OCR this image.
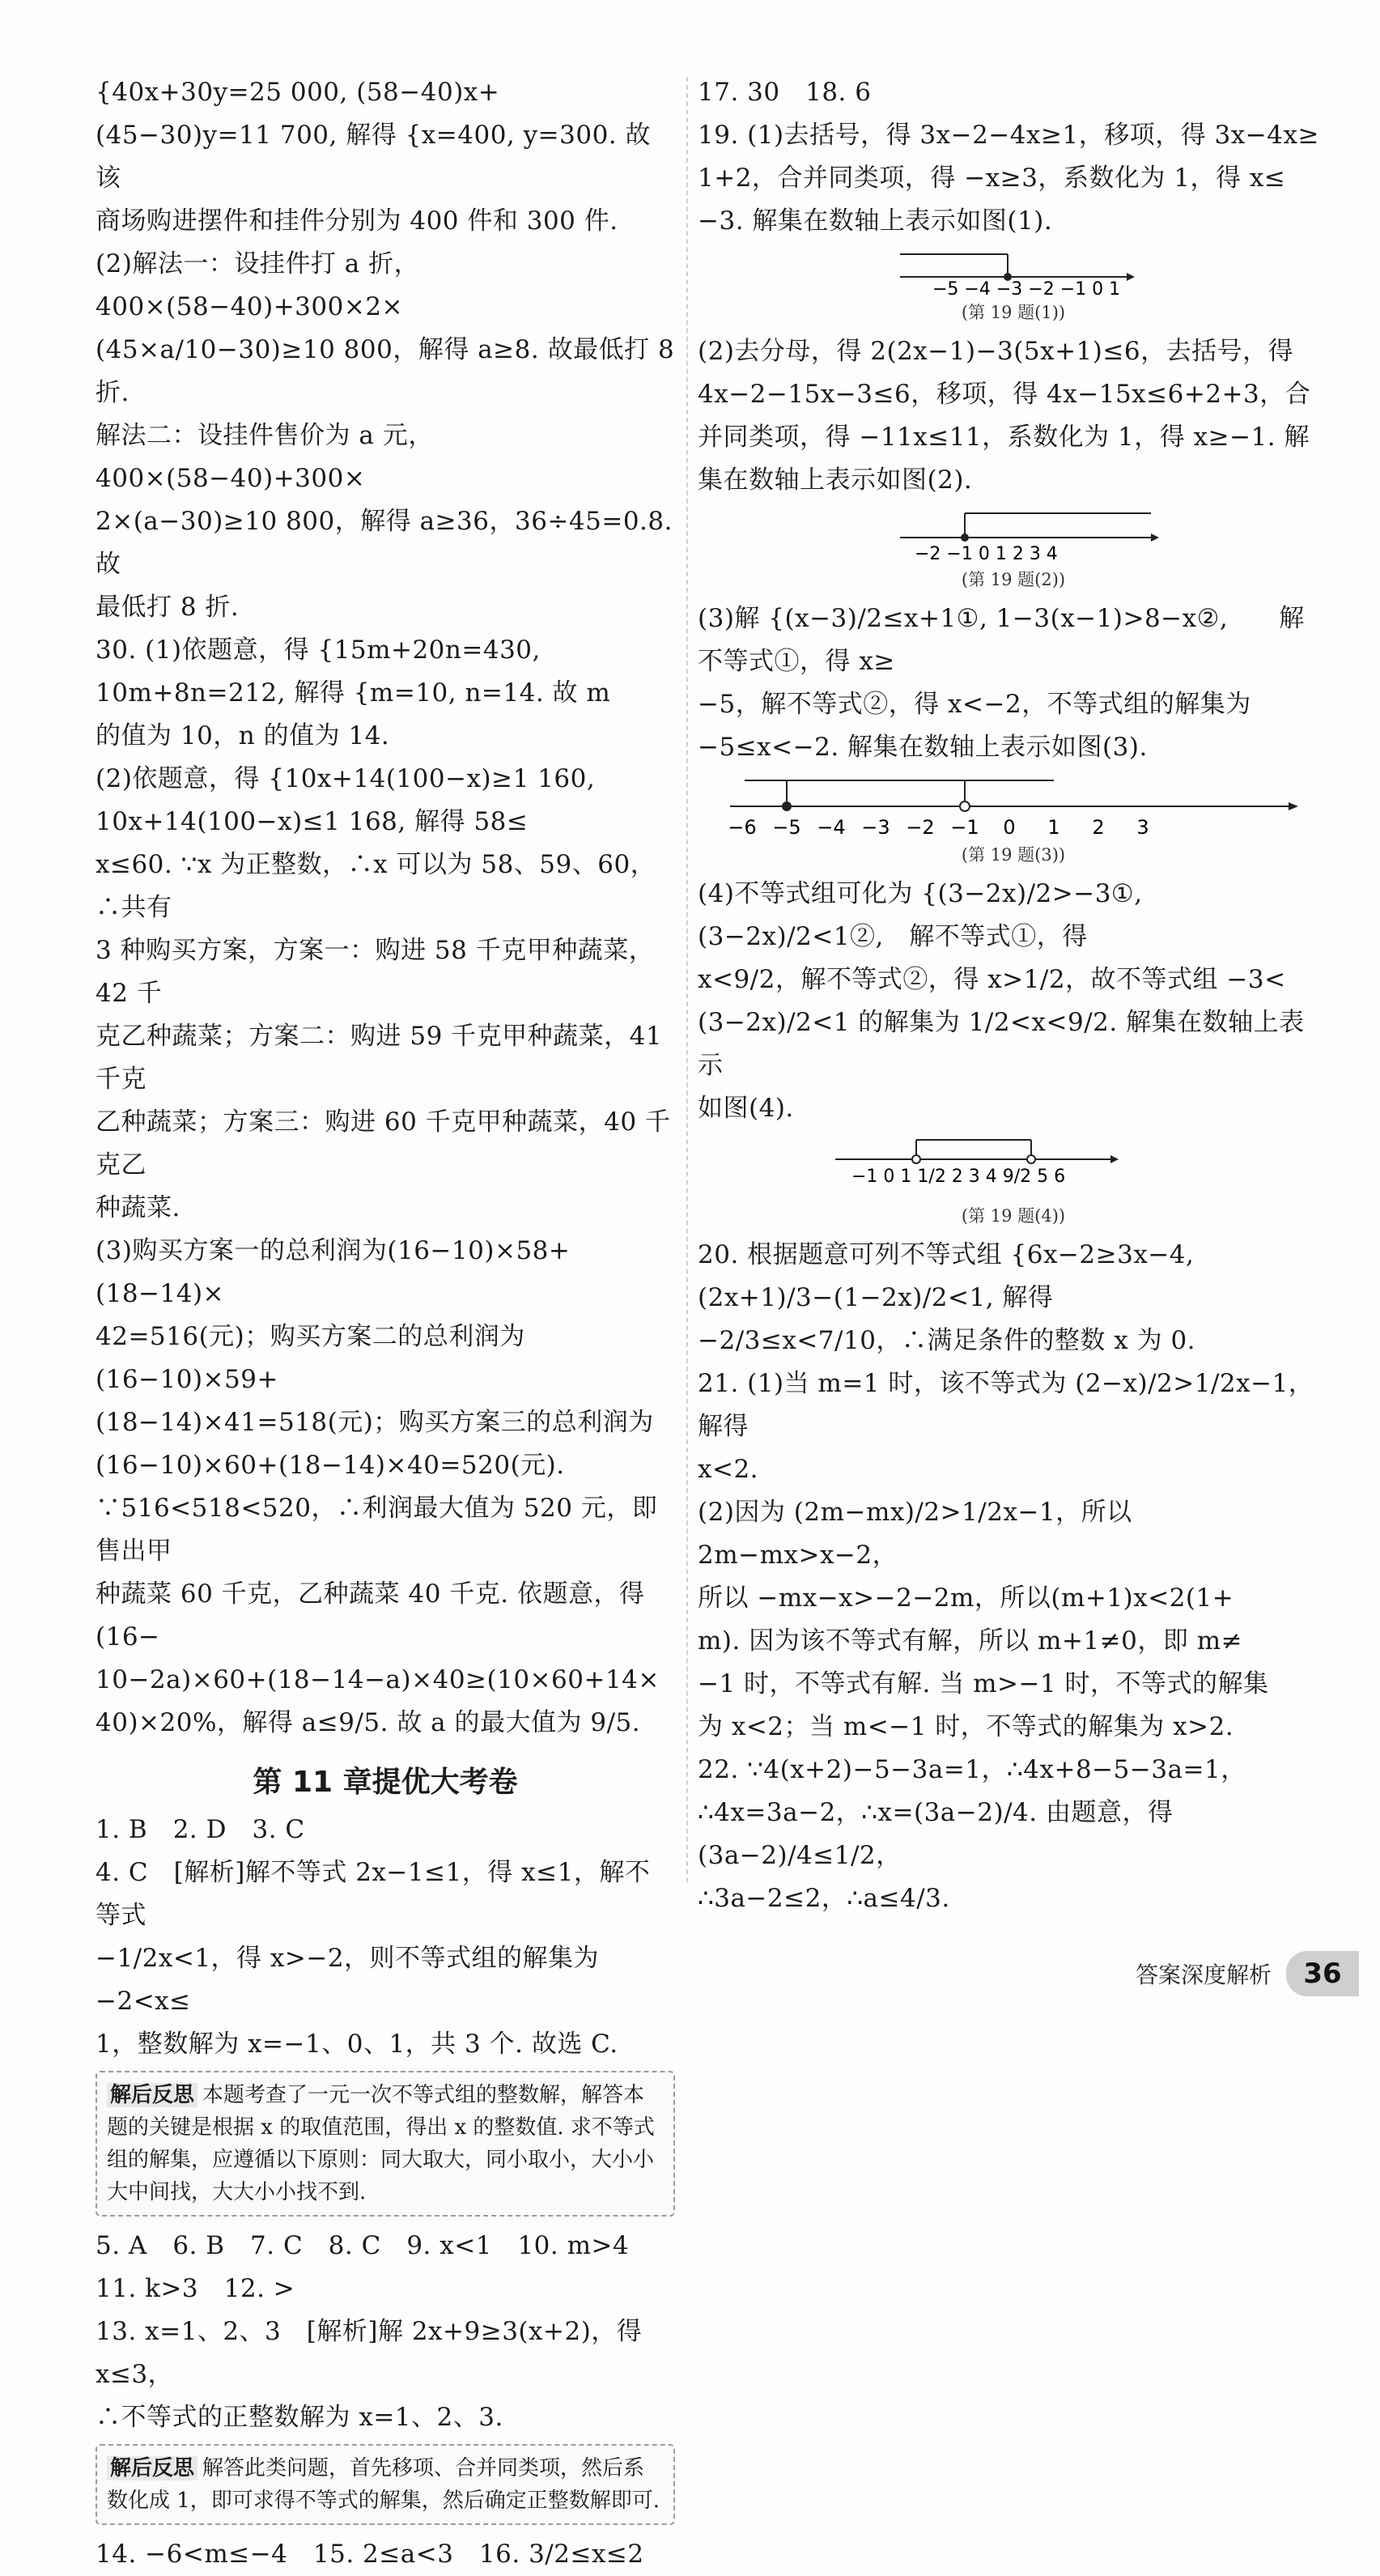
{40x+30y=25 000, (58−40)x+(45−30)y=11 700, 解得 {x=400, y=300. 故该

商场购进摆件和挂件分别为 400 件和 300 件.

(2)解法一：设挂件打 a 折，400×(58−40)+300×2×

(45×a/10−30)≥10 800，解得 a≥8. 故最低打 8 折.

解法二：设挂件售价为 a 元，400×(58−40)+300×

2×(a−30)≥10 800，解得 a≥36，36÷45=0.8. 故

最低打 8 折.

30. (1)依题意，得 {15m+20n=430, 10m+8n=212, 解得 {m=10, n=14. 故 m

的值为 10，n 的值为 14.

(2)依题意，得 {10x+14(100−x)≥1 160, 10x+14(100−x)≤1 168, 解得 58≤

x≤60. ∵x 为正整数，∴x 可以为 58、59、60，∴共有

3 种购买方案，方案一：购进 58 千克甲种蔬菜，42 千

克乙种蔬菜；方案二：购进 59 千克甲种蔬菜，41 千克

乙种蔬菜；方案三：购进 60 千克甲种蔬菜，40 千克乙

种蔬菜.

(3)购买方案一的总利润为(16−10)×58+(18−14)×

42=516(元)；购买方案二的总利润为(16−10)×59+

(18−14)×41=518(元)；购买方案三的总利润为

(16−10)×60+(18−14)×40=520(元).

∵516<518<520，∴利润最大值为 520 元，即售出甲

种蔬菜 60 千克，乙种蔬菜 40 千克. 依题意，得(16−

10−2a)×60+(18−14−a)×40≥(10×60+14×

40)×20%，解得 a≤9/5. 故 a 的最大值为 9/5.

第 11 章提优大考卷

1. B　2. D　3. C

4. C　[解析]解不等式 2x−1≤1，得 x≤1，解不等式

−1/2x<1，得 x>−2，则不等式组的解集为 −2<x≤

1，整数解为 x=−1、0、1，共 3 个. 故选 C.

解后反思 本题考查了一元一次不等式组的整数解，解答本题的关键是根据 x 的取值范围，得出 x 的整数值. 求不等式组的解集，应遵循以下原则：同大取大，同小取小，大小小大中间找，大大小小找不到.

5. A　6. B　7. C　8. C　9. x<1　10. m>4

11. k>3　12. >

13. x=1、2、3　[解析]解 2x+9≥3(x+2)，得 x≤3，

∴不等式的正整数解为 x=1、2、3.

解后反思 解答此类问题，首先移项、合并同类项，然后系数化成 1，即可求得不等式的解集，然后确定正整数解即可.

14. −6<m≤−4　15. 2≤a<3　16. 3/2≤x≤2

17. 30　18. 6

19. (1)去括号，得 3x−2−4x≥1，移项，得 3x−4x≥

1+2，合并同类项，得 −x≥3，系数化为 1，得 x≤

−3. 解集在数轴上表示如图(1).

−5 −4 −3 −2 −1 0 1
(第 19 题(1))

(2)去分母，得 2(2x−1)−3(5x+1)≤6，去括号，得

4x−2−15x−3≤6，移项，得 4x−15x≤6+2+3，合

并同类项，得 −11x≤11，系数化为 1，得 x≥−1. 解

集在数轴上表示如图(2).

−2 −1 0 1 2 3 4
(第 19 题(2))

(3)解 {(x−3)/2≤x+1①, 1−3(x−1)>8−x②,　　解不等式①，得 x≥

−5，解不等式②，得 x<−2，不等式组的解集为

−5≤x<−2. 解集在数轴上表示如图(3).

−6 −5 −4 −3 −2 −1 0 1 2 3
(第 19 题(3))

(4)不等式组可化为 {(3−2x)/2>−3①, (3−2x)/2<1②,　解不等式①，得

x<9/2，解不等式②，得 x>1/2，故不等式组 −3<

(3−2x)/2<1 的解集为 1/2<x<9/2. 解集在数轴上表示

如图(4).

−1 0 1 1/2 2 3 4 9/2 5 6
(第 19 题(4))

20. 根据题意可列不等式组 {6x−2≥3x−4, (2x+1)/3−(1−2x)/2<1, 解得

−2/3≤x<7/10，∴满足条件的整数 x 为 0.

21. (1)当 m=1 时，该不等式为 (2−x)/2>1/2x−1，解得

x<2.

(2)因为 (2m−mx)/2>1/2x−1，所以 2m−mx>x−2，

所以 −mx−x>−2−2m，所以(m+1)x<2(1+

m). 因为该不等式有解，所以 m+1≠0，即 m≠

−1 时，不等式有解. 当 m>−1 时，不等式的解集

为 x<2；当 m<−1 时，不等式的解集为 x>2.

22. ∵4(x+2)−5−3a=1，∴4x+8−5−3a=1，

∴4x=3a−2，∴x=(3a−2)/4. 由题意，得 (3a−2)/4≤1/2，

∴3a−2≤2，∴a≤4/3.

答案深度解析	36
